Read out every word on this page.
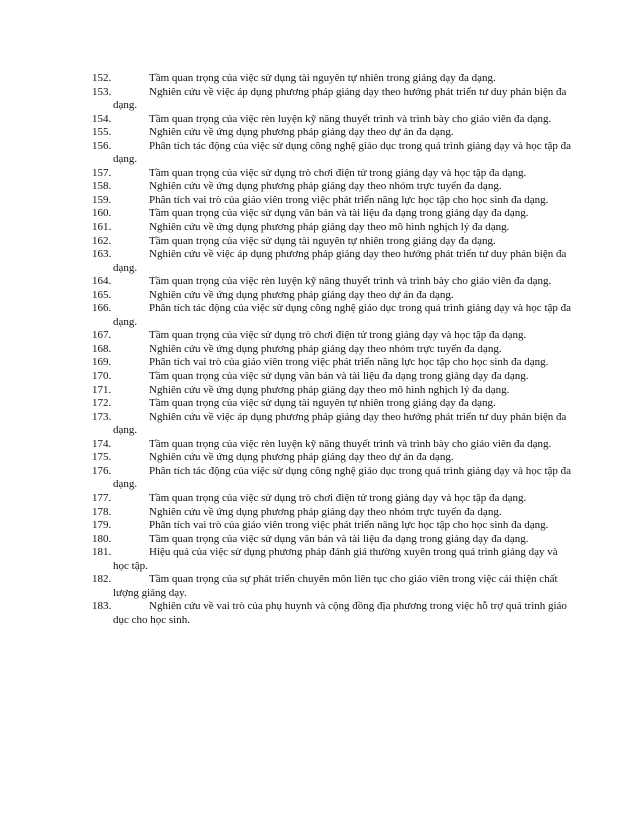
152.	Tầm quan trọng của việc sử dụng tài nguyên tự nhiên trong giảng dạy đa dạng.
153.	Nghiên cứu về việc áp dụng phương pháp giảng dạy theo hướng phát triển tư duy phản biện đa dạng.
154.	Tầm quan trọng của việc rèn luyện kỹ năng thuyết trình và trình bày cho giáo viên đa dạng.
155.	Nghiên cứu về ứng dụng phương pháp giảng dạy theo dự án đa dạng.
156.	Phân tích tác động của việc sử dụng công nghệ giáo dục trong quá trình giảng dạy và học tập đa dạng.
157.	Tầm quan trọng của việc sử dụng trò chơi điện tử trong giảng dạy và học tập đa dạng.
158.	Nghiên cứu về ứng dụng phương pháp giảng dạy theo nhóm trực tuyến đa dạng.
159.	Phân tích vai trò của giáo viên trong việc phát triển năng lực học tập cho học sinh đa dạng.
160.	Tầm quan trọng của việc sử dụng văn bản và tài liệu đa dạng trong giảng dạy đa dạng.
161.	Nghiên cứu về ứng dụng phương pháp giảng dạy theo mô hình nghịch lý đa dạng.
162.	Tầm quan trọng của việc sử dụng tài nguyên tự nhiên trong giảng dạy đa dạng.
163.	Nghiên cứu về việc áp dụng phương pháp giảng dạy theo hướng phát triển tư duy phản biện đa dạng.
164.	Tầm quan trọng của việc rèn luyện kỹ năng thuyết trình và trình bày cho giáo viên đa dạng.
165.	Nghiên cứu về ứng dụng phương pháp giảng dạy theo dự án đa dạng.
166.	Phân tích tác động của việc sử dụng công nghệ giáo dục trong quá trình giảng dạy và học tập đa dạng.
167.	Tầm quan trọng của việc sử dụng trò chơi điện tử trong giảng dạy và học tập đa dạng.
168.	Nghiên cứu về ứng dụng phương pháp giảng dạy theo nhóm trực tuyến đa dạng.
169.	Phân tích vai trò của giáo viên trong việc phát triển năng lực học tập cho học sinh đa dạng.
170.	Tầm quan trọng của việc sử dụng văn bản và tài liệu đa dạng trong giảng dạy đa dạng.
171.	Nghiên cứu về ứng dụng phương pháp giảng dạy theo mô hình nghịch lý đa dạng.
172.	Tầm quan trọng của việc sử dụng tài nguyên tự nhiên trong giảng dạy đa dạng.
173.	Nghiên cứu về việc áp dụng phương pháp giảng dạy theo hướng phát triển tư duy phản biện đa dạng.
174.	Tầm quan trọng của việc rèn luyện kỹ năng thuyết trình và trình bày cho giáo viên đa dạng.
175.	Nghiên cứu về ứng dụng phương pháp giảng dạy theo dự án đa dạng.
176.	Phân tích tác động của việc sử dụng công nghệ giáo dục trong quá trình giảng dạy và học tập đa dạng.
177.	Tầm quan trọng của việc sử dụng trò chơi điện tử trong giảng dạy và học tập đa dạng.
178.	Nghiên cứu về ứng dụng phương pháp giảng dạy theo nhóm trực tuyến đa dạng.
179.	Phân tích vai trò của giáo viên trong việc phát triển năng lực học tập cho học sinh đa dạng.
180.	Tầm quan trọng của việc sử dụng văn bản và tài liệu đa dạng trong giảng dạy đa dạng.
181.	Hiệu quả của việc sử dụng phương pháp đánh giá thường xuyên trong quá trình giảng dạy và học tập.
182.	Tầm quan trọng của sự phát triển chuyên môn liên tục cho giáo viên trong việc cải thiện chất lượng giảng dạy.
183.	Nghiên cứu về vai trò của phụ huynh và cộng đồng địa phương trong việc hỗ trợ quá trình giáo dục cho học sinh.
